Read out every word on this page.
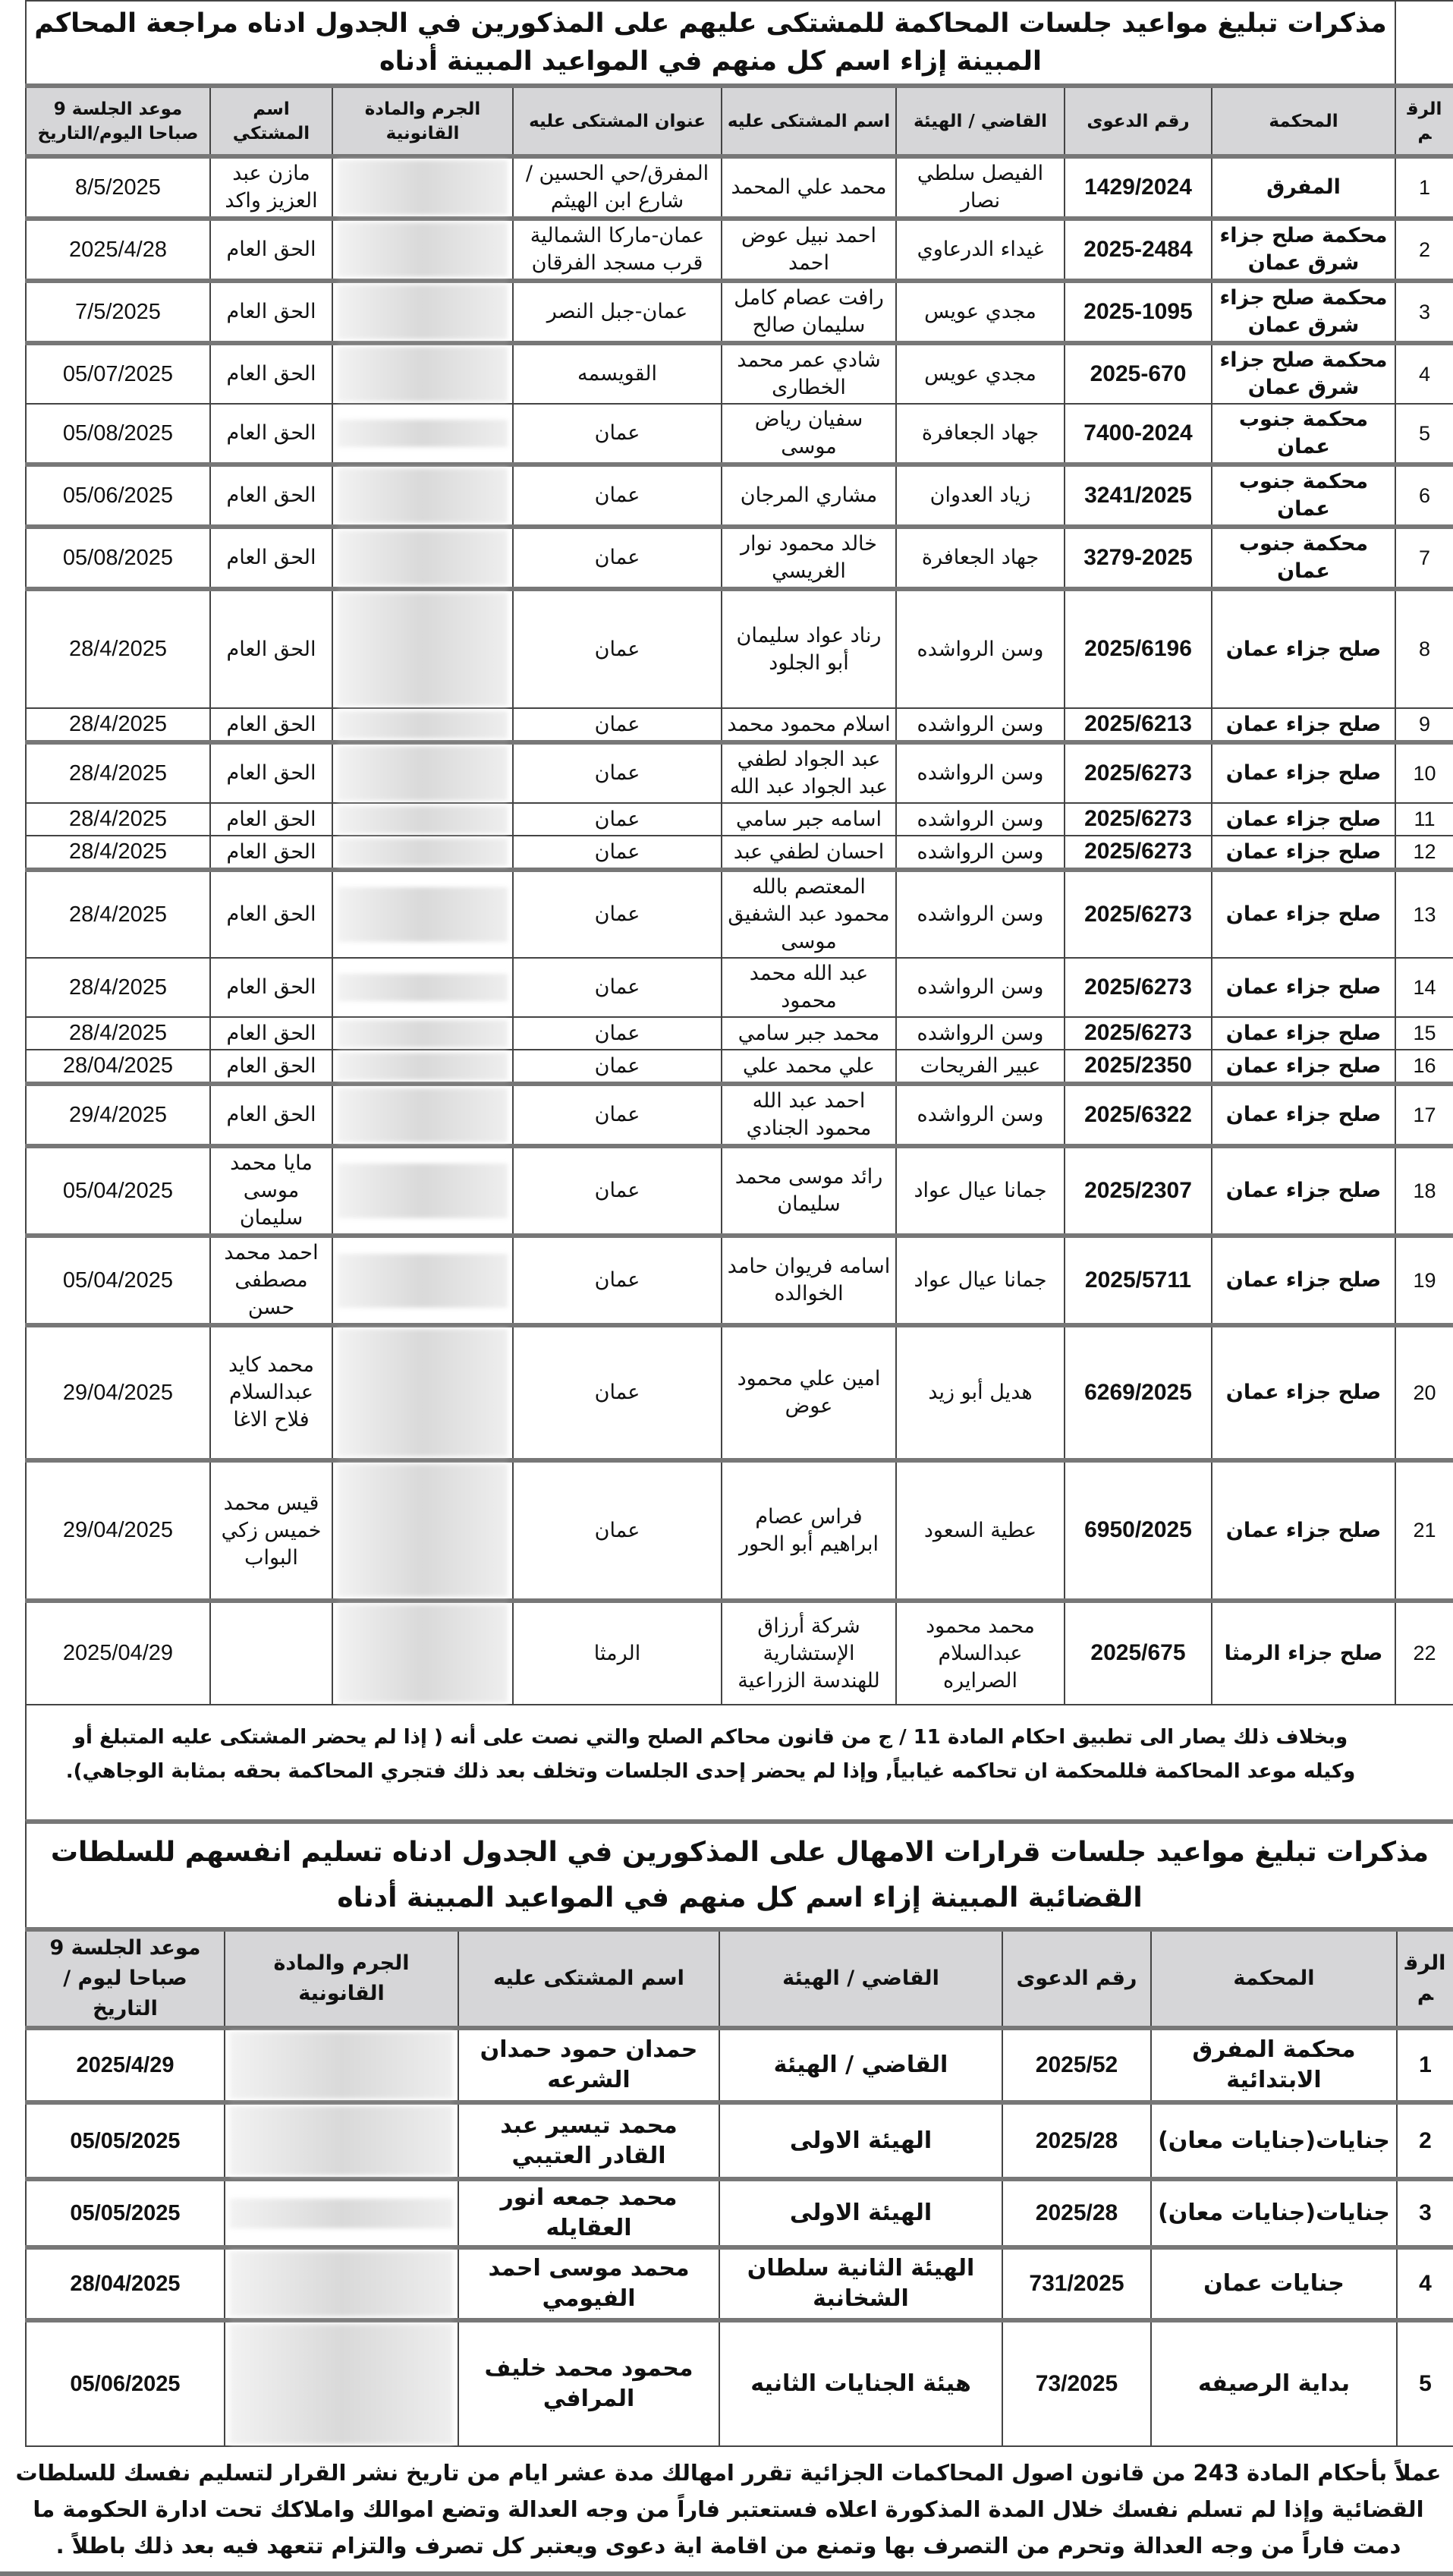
مذكرات تبليغ مواعيد جلسات المحاكمة للمشتكى عليهم على المذكورين في الجدول ادناه مراجعة المحاكم المبينة إزاء اسم كل منهم في المواعيد المبينة أدناه
الرقم	المحكمة	رقم الدعوى	القاضي / الهيئة	اسم المشتكى عليه	عنوان المشتكى عليه	الجرم والمادة القانونية	اسم المشتكي	موعد الجلسة 9 صباحا اليوم/التاريخ
1	المفرق	1429/2024	الفيصل سلطي نصار	محمد علي المحمد	المفرق/حي الحسين /شارع ابن الهيثم		مازن عبد العزيز واكد	8/5/2025
2	محكمة صلح جزاء شرق عمان	2025-2484	غيداء الدرعاوي	احمد نبيل عوض احمد	عمان-ماركا الشمالية قرب مسجد الفرقان		الحق العام	2025/4/28
3	محكمة صلح جزاء شرق عمان	2025-1095	مجدي عويس	رافت عصام كامل سليمان صالح	عمان-جبل النصر		الحق العام	7/5/2025
4	محكمة صلح جزاء شرق عمان	2025-670	مجدي عويس	شادي عمر محمد الخطارى	القويسمه		الحق العام	05/07/2025
5	محكمة جنوب عمان	7400-2024	جهاد الجعافرة	سفيان رياض موسى	عمان		الحق العام	05/08/2025
6	محكمة جنوب عمان	3241/2025	زياد العدوان	مشاري المرجان	عمان		الحق العام	05/06/2025
7	محكمة جنوب عمان	3279-2025	جهاد الجعافرة	خالد محمود نوار الغريسي	عمان		الحق العام	05/08/2025
8	صلح جزاء عمان	2025/6196	وسن الرواشده	رناد عواد سليمان أبو الجلود	عمان		الحق العام	28/4/2025
9	صلح جزاء عمان	2025/6213	وسن الرواشده	اسلام محمود محمد	عمان		الحق العام	28/4/2025
10	صلح جزاء عمان	2025/6273	وسن الرواشده	عبد الجواد لطفي عبد الجواد عبد الله	عمان		الحق العام	28/4/2025
11	صلح جزاء عمان	2025/6273	وسن الرواشده	اسامه جبر سامي	عمان		الحق العام	28/4/2025
12	صلح جزاء عمان	2025/6273	وسن الرواشده	احسان لطفي عبد	عمان		الحق العام	28/4/2025
13	صلح جزاء عمان	2025/6273	وسن الرواشده	المعتصم بالله محمود عبد الشفيق موسى	عمان		الحق العام	28/4/2025
14	صلح جزاء عمان	2025/6273	وسن الرواشده	عبد الله محمد محمود	عمان		الحق العام	28/4/2025
15	صلح جزاء عمان	2025/6273	وسن الرواشده	محمد جبر سامي	عمان		الحق العام	28/4/2025
16	صلح جزاء عمان	2025/2350	عبير الفريحات	علي محمد علي	عمان		الحق العام	28/04/2025
17	صلح جزاء عمان	2025/6322	وسن الرواشده	احمد عبد الله محمود الجنادي	عمان		الحق العام	29/4/2025
18	صلح جزاء عمان	2025/2307	جمانا عيال عواد	رائد موسى محمد سليمان	عمان		مايا محمد موسى سليمان	05/04/2025
19	صلح جزاء عمان	2025/5711	جمانا عيال عواد	اسامه فريوان حامد الخوالده	عمان		احمد محمد مصطفى حسن	05/04/2025
20	صلح جزاء عمان	6269/2025	هديل أبو زيد	امين علي محمود عوض	عمان		محمد كايد عبدالسلام فلاح الاغا	29/04/2025
21	صلح جزاء عمان	6950/2025	عطية السعود	فراس عصام ابراهيم أبو الحور	عمان		قيس محمد خميس زكي البواب	29/04/2025
22	صلح جزاء الرمثا	2025/675	محمد محمود عبدالسلام الصرايره	شركة أرزاق الإستشارية للهندسة الزراعية	الرمثا			2025/04/29
وبخلاف ذلك يصار الى تطبيق احكام المادة 11 / ج من قانون محاكم الصلح والتي نصت على أنه ( إذا لم يحضر المشتكى عليه المتبلغ أو وكيله موعد المحاكمة فللمحكمة ان تحاكمه غيابياً, وإذا لم يحضر إحدى الجلسات وتخلف بعد ذلك فتجري المحاكمة بحقه بمثابة الوجاهي).
مذكرات تبليغ مواعيد جلسات قرارات الامهال على المذكورين في الجدول ادناه تسليم انفسهم للسلطات القضائية المبينة إزاء اسم كل منهم في المواعيد المبينة أدناه
الرقم	المحكمة	رقم الدعوى	القاضي / الهيئة	اسم المشتكى عليه	الجرم والمادة القانونية	موعد الجلسة 9 صباحا ليوم / التاريخ
1	محكمة المفرق الابتدائية	2025/52	القاضي / الهيئة	حمدان حمود حمدان الشرعه		2025/4/29
2	جنايات(جنايات معان)	2025/28	الهيئة الاولى	محمد تيسير عبد القادر العتيبي		05/05/2025
3	جنايات(جنايات معان)	2025/28	الهيئة الاولى	محمد جمعه انور العقايله		05/05/2025
4	جنايات عمان	731/2025	الهيئة الثانية سلطان الشخانبة	محمد موسى احمد الفيومي		28/04/2025
5	بداية الرصيفه	73/2025	هيئة الجنايات الثانيه	محمود محمد خليف المرافي		05/06/2025
عملاً بأحكام المادة 243 من قانون اصول المحاكمات الجزائية تقرر امهالك مدة عشر ايام من تاريخ نشر القرار لتسليم نفسك للسلطات القضائية وإذا لم تسلم نفسك خلال المدة المذكورة اعلاه فستعتبر فاراً من وجه العدالة وتضع اموالك واملاكك تحت ادارة الحكومة ما دمت فاراً من وجه العدالة وتحرم من التصرف بها وتمنع من اقامة اية دعوى ويعتبر كل تصرف والتزام تتعهد فيه بعد ذلك باطلاً .
